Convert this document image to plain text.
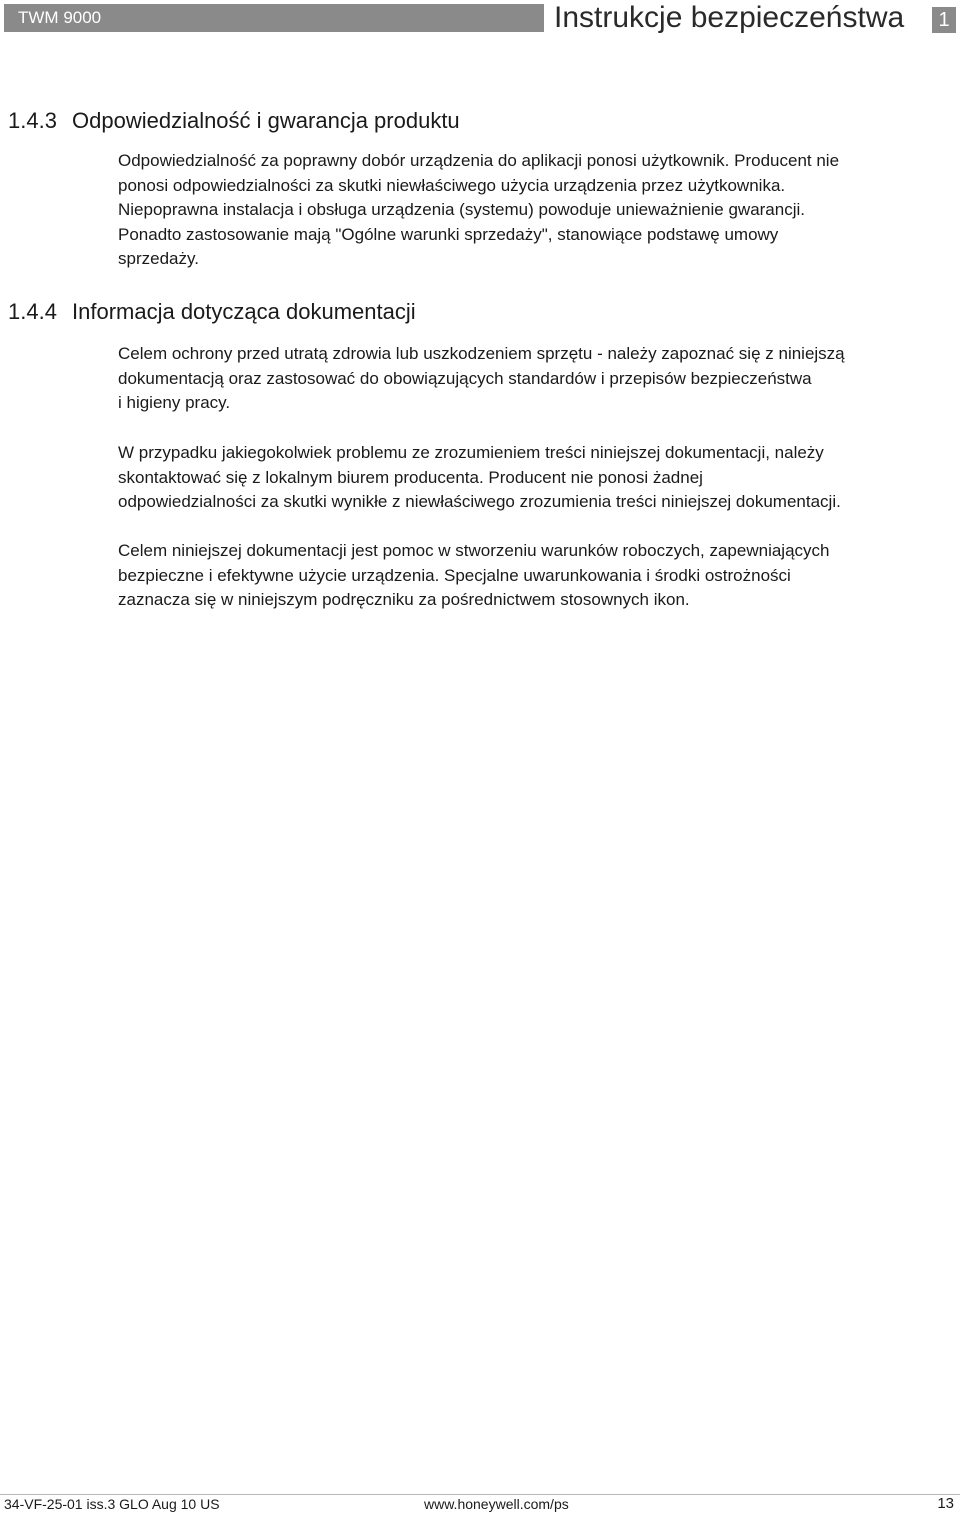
TWM 9000	Instrukcje bezpieczeństwa	1
1.4.3 Odpowiedzialność i gwarancja produktu

Odpowiedzialność za poprawny dobór urządzenia do aplikacji ponosi użytkownik. Producent nie
ponosi odpowiedzialności za skutki niewłaściwego użycia urządzenia przez użytkownika.
Niepoprawna instalacja i obsługa urządzenia (systemu) powoduje unieważnienie gwarancji.
Ponadto zastosowanie mają "Ogólne warunki sprzedaży", stanowiące podstawę umowy
sprzedaży.

1.4.4 Informacja dotycząca dokumentacji

Celem ochrony przed utratą zdrowia lub uszkodzeniem sprzętu - należy zapoznać się z niniejszą
dokumentacją oraz zastosować do obowiązujących standardów i przepisów bezpieczeństwa
i higieny pracy.

W przypadku jakiegokolwiek problemu ze zrozumieniem treści niniejszej dokumentacji, należy
skontaktować się z lokalnym biurem producenta. Producent nie ponosi żadnej
odpowiedzialności za skutki wynikłe z niewłaściwego zrozumienia treści niniejszej dokumentacji.

Celem niniejszej dokumentacji jest pomoc w stworzeniu warunków roboczych, zapewniających
bezpieczne i efektywne użycie urządzenia. Specjalne uwarunkowania i środki ostrożności
zaznacza się w niniejszym podręczniku za pośrednictwem stosownych ikon.

34-VF-25-01 iss.3 GLO Aug 10 US	www.honeywell.com/ps	13
